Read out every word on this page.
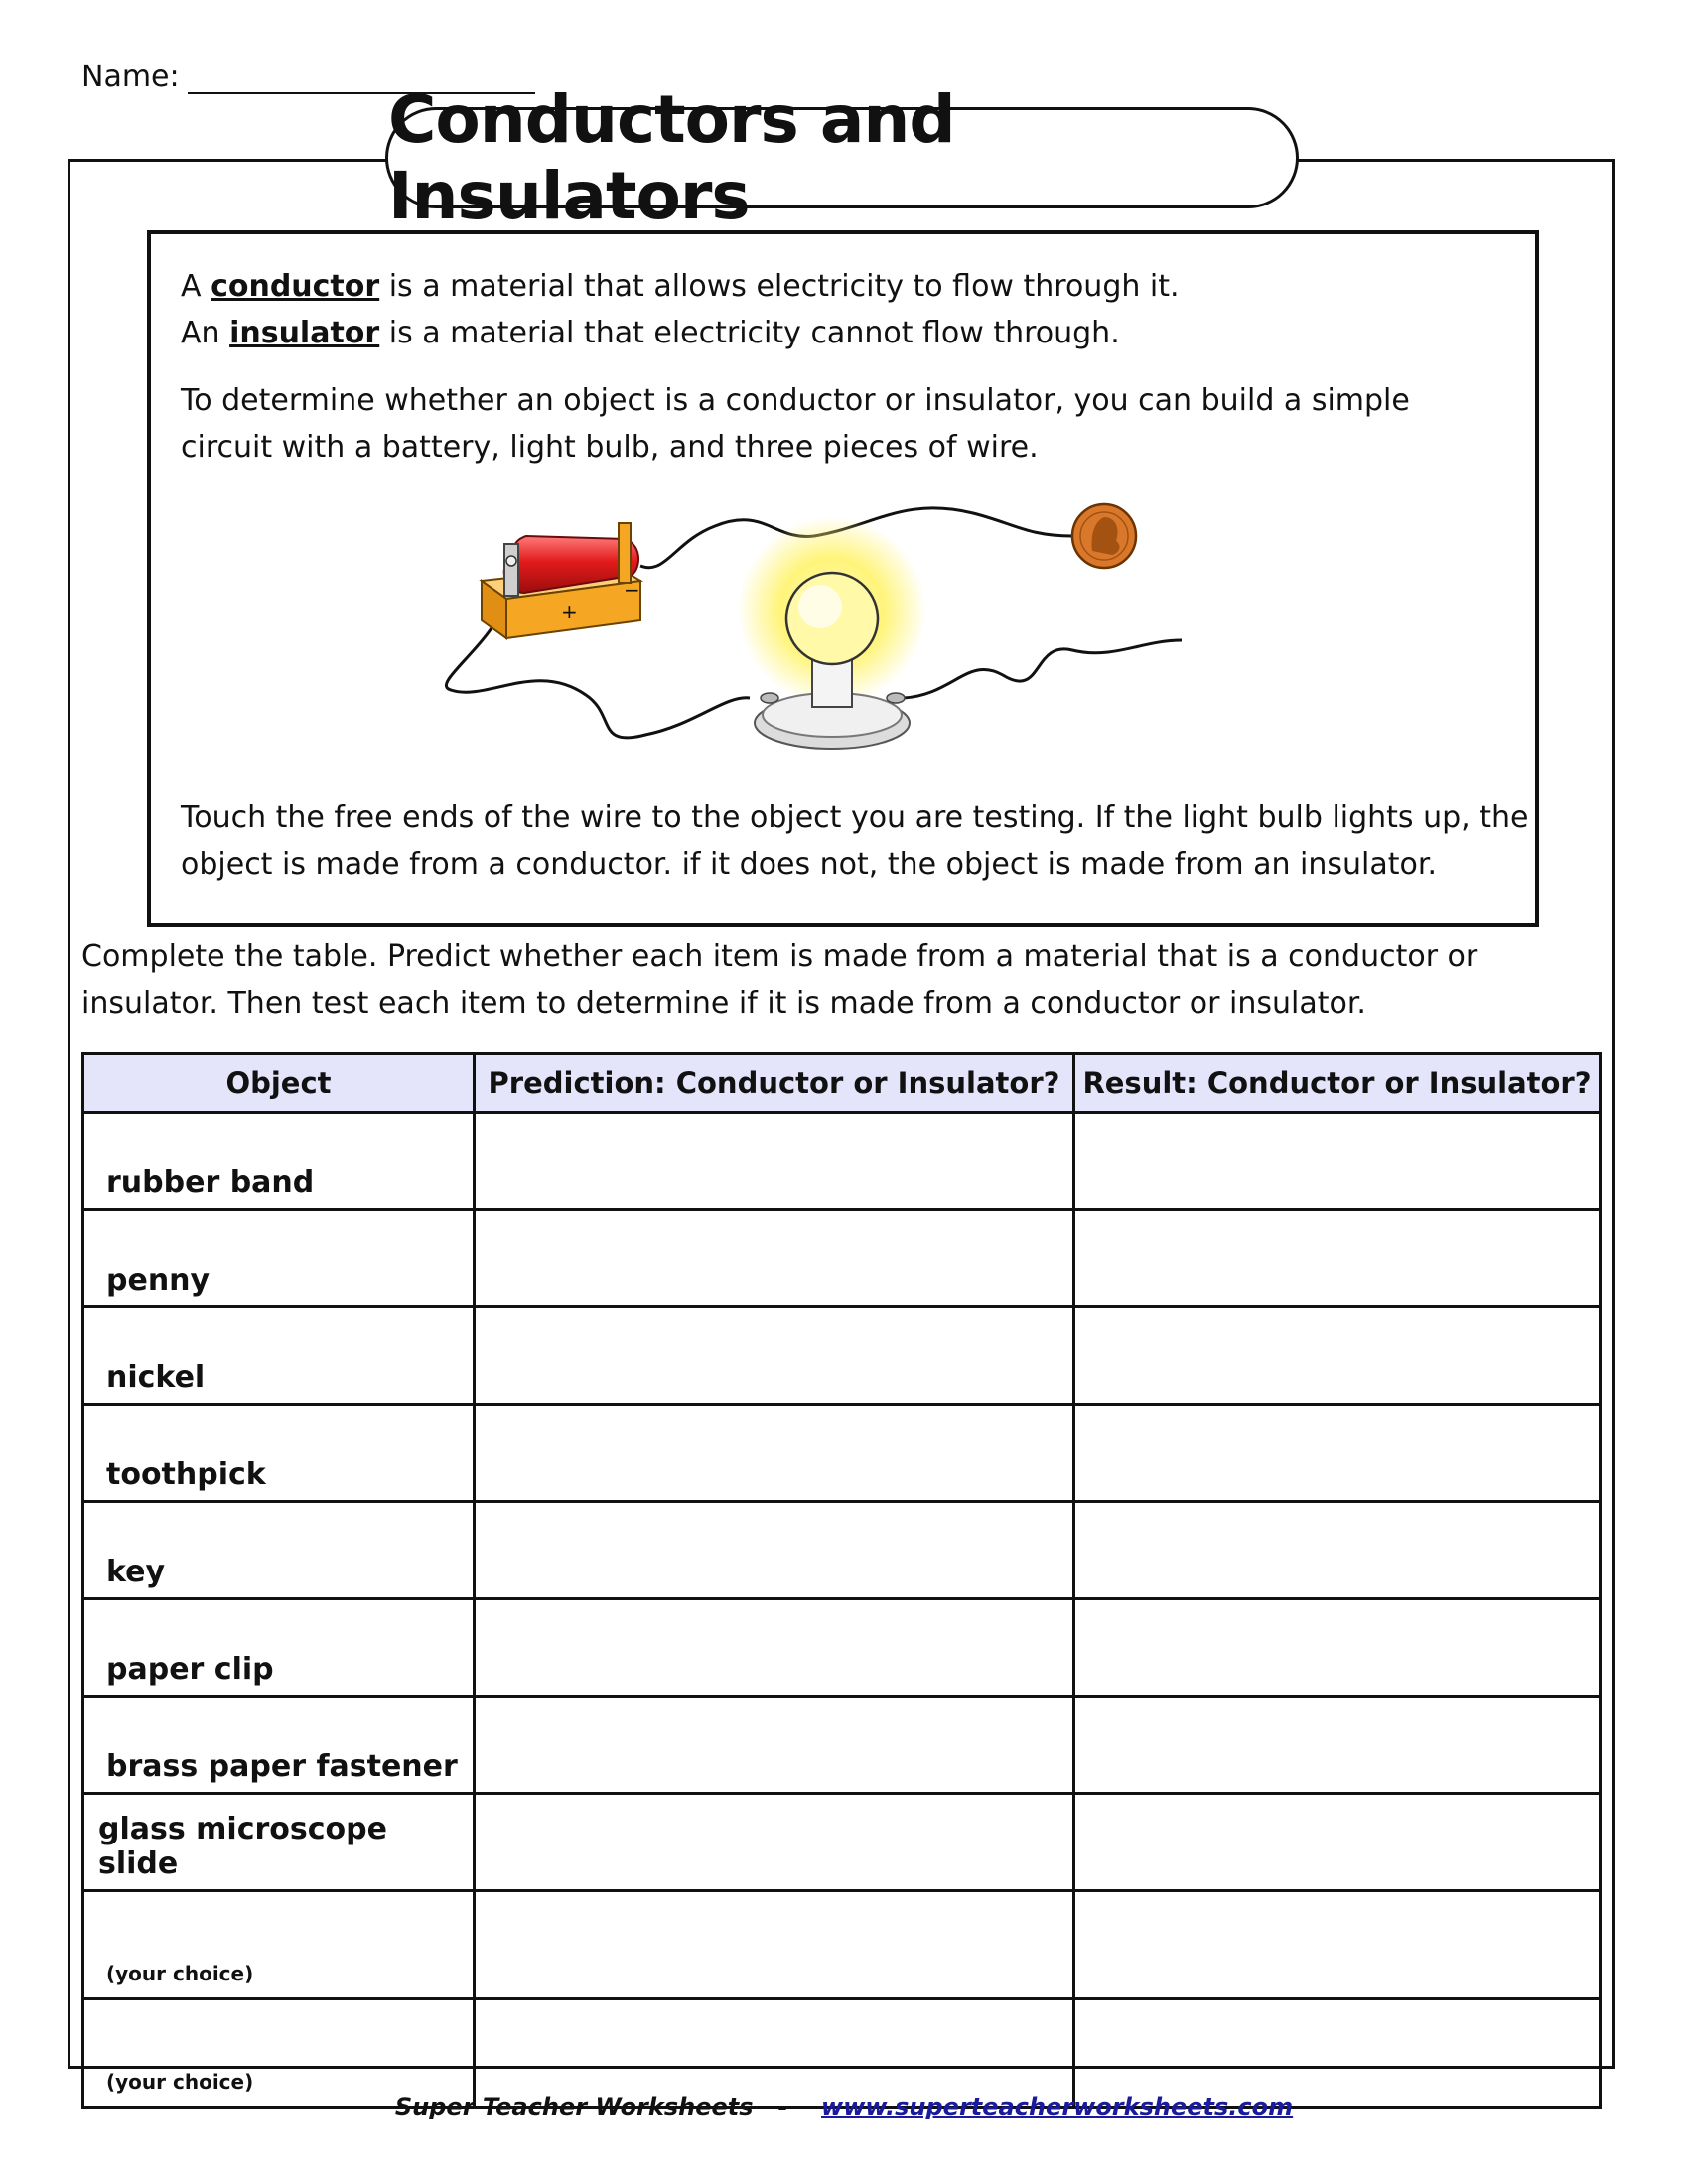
Name:
Conductors and Insulators
A conductor is a material that allows electricity to flow through it.
An insulator is a material that electricity cannot flow through.
To determine whether an object is a conductor or insulator, you can build a simple
circuit with a battery, light bulb, and three pieces of wire.
+
−
Touch the free ends of the wire to the object you are testing. If the light bulb lights up, the
object is made from a conductor. if it does not, the object is made from an insulator.
Complete the table. Predict whether each item is made from a material that is a conductor or
insulator. Then test each item to determine if it is made from a conductor or insulator.
Object	Prediction: Conductor or Insulator?	Result: Conductor or Insulator?
rubber band		
penny		
nickel		
toothpick		
key		
paper clip		
brass paper fastener		
glass microscope slide		
(your choice)		
(your choice)		
Super Teacher Worksheets - www.superteacherworksheets.com
